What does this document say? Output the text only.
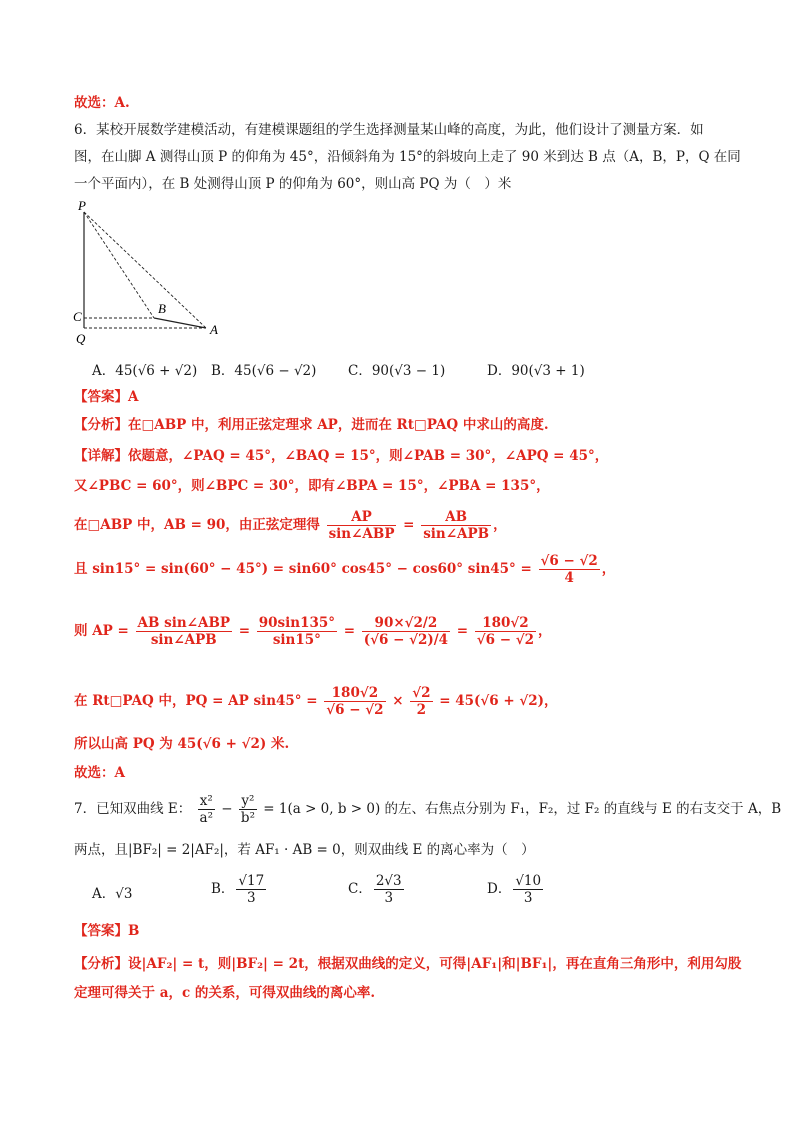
故选：A.
6．某校开展数学建模活动，有建模课题组的学生选择测量某山峰的高度，为此，他们设计了测量方案．如
图，在山脚 A 测得山顶 P 的仰角为 45°，沿倾斜角为 15°的斜坡向上走了 90 米到达 B 点（A，B，P，Q 在同
一个平面内），在 B 处测得山顶 P 的仰角为 60°，则山高 PQ 为（　）米
P
C
Q
B
A
A．45(√6 + √2) B．45(√6 − √2) C．90(√3 − 1)	D．90(√3 + 1)
【答案】A
【分析】在□ABP 中，利用正弦定理求 AP，进而在 Rt□PAQ 中求山的高度.
【详解】依题意，∠PAQ = 45°，∠BAQ = 15°，则∠PAB = 30°，∠APQ = 45°，
又∠PBC = 60°，则∠BPC = 30°，即有∠BPA = 15°，∠PBA = 135°，
在□ABP 中，AB = 90，由正弦定理得 $\frac{AP}{\text{sin∠ABP}} = \frac{AB}{\text{sin∠APB}}$ ，
且 sin15° = sin(60° − 45°) = sin60° cos45° − cos60° $\sin 45^\circ = \frac{√6 - √2}{4}$ ，
则 AP = $\frac{\text{AB sin∠ABP}}{\text{sin∠APB}} = \frac{90\sin 135^\circ}{\sin 15^\circ} = \frac{90\times√2/2}{(√6 - √2)/4} = \frac{180√2}{√6 - √2}$ ，
在 Rt□PAQ 中，PQ = AP $\sin 45^\circ = \frac{180√2}{√6 - √2} \times \frac{√2}{2} = 45(√6 + √2)$，
所以山高 PQ 为 45(√6 + √2) 米.
故选：A
7．已知双曲线 E： $\frac{\text{x²}}{\text{a²}} - \frac{\text{y²}}{\text{b²}} = 1(a > 0$, b > 0) 的左、右焦点分别为 F₁，F₂，过 F₂ 的直线与 E 的右支交于 A，B
两点，且|BF₂| = 2|AF₂|，若 AF₁ · AB = 0，则双曲线 E 的离心率为（　）
A．√3	B． $\frac{√17}{3}$	C． $\frac{2√3}{3}$	D． $\frac{√10}{3}$
【答案】B
【分析】设|AF₂| = t，则|BF₂| = 2t，根据双曲线的定义，可得|AF₁|和|BF₁|，再在直角三角形中，利用勾股
定理可得关于 a，c 的关系，可得双曲线的离心率.
